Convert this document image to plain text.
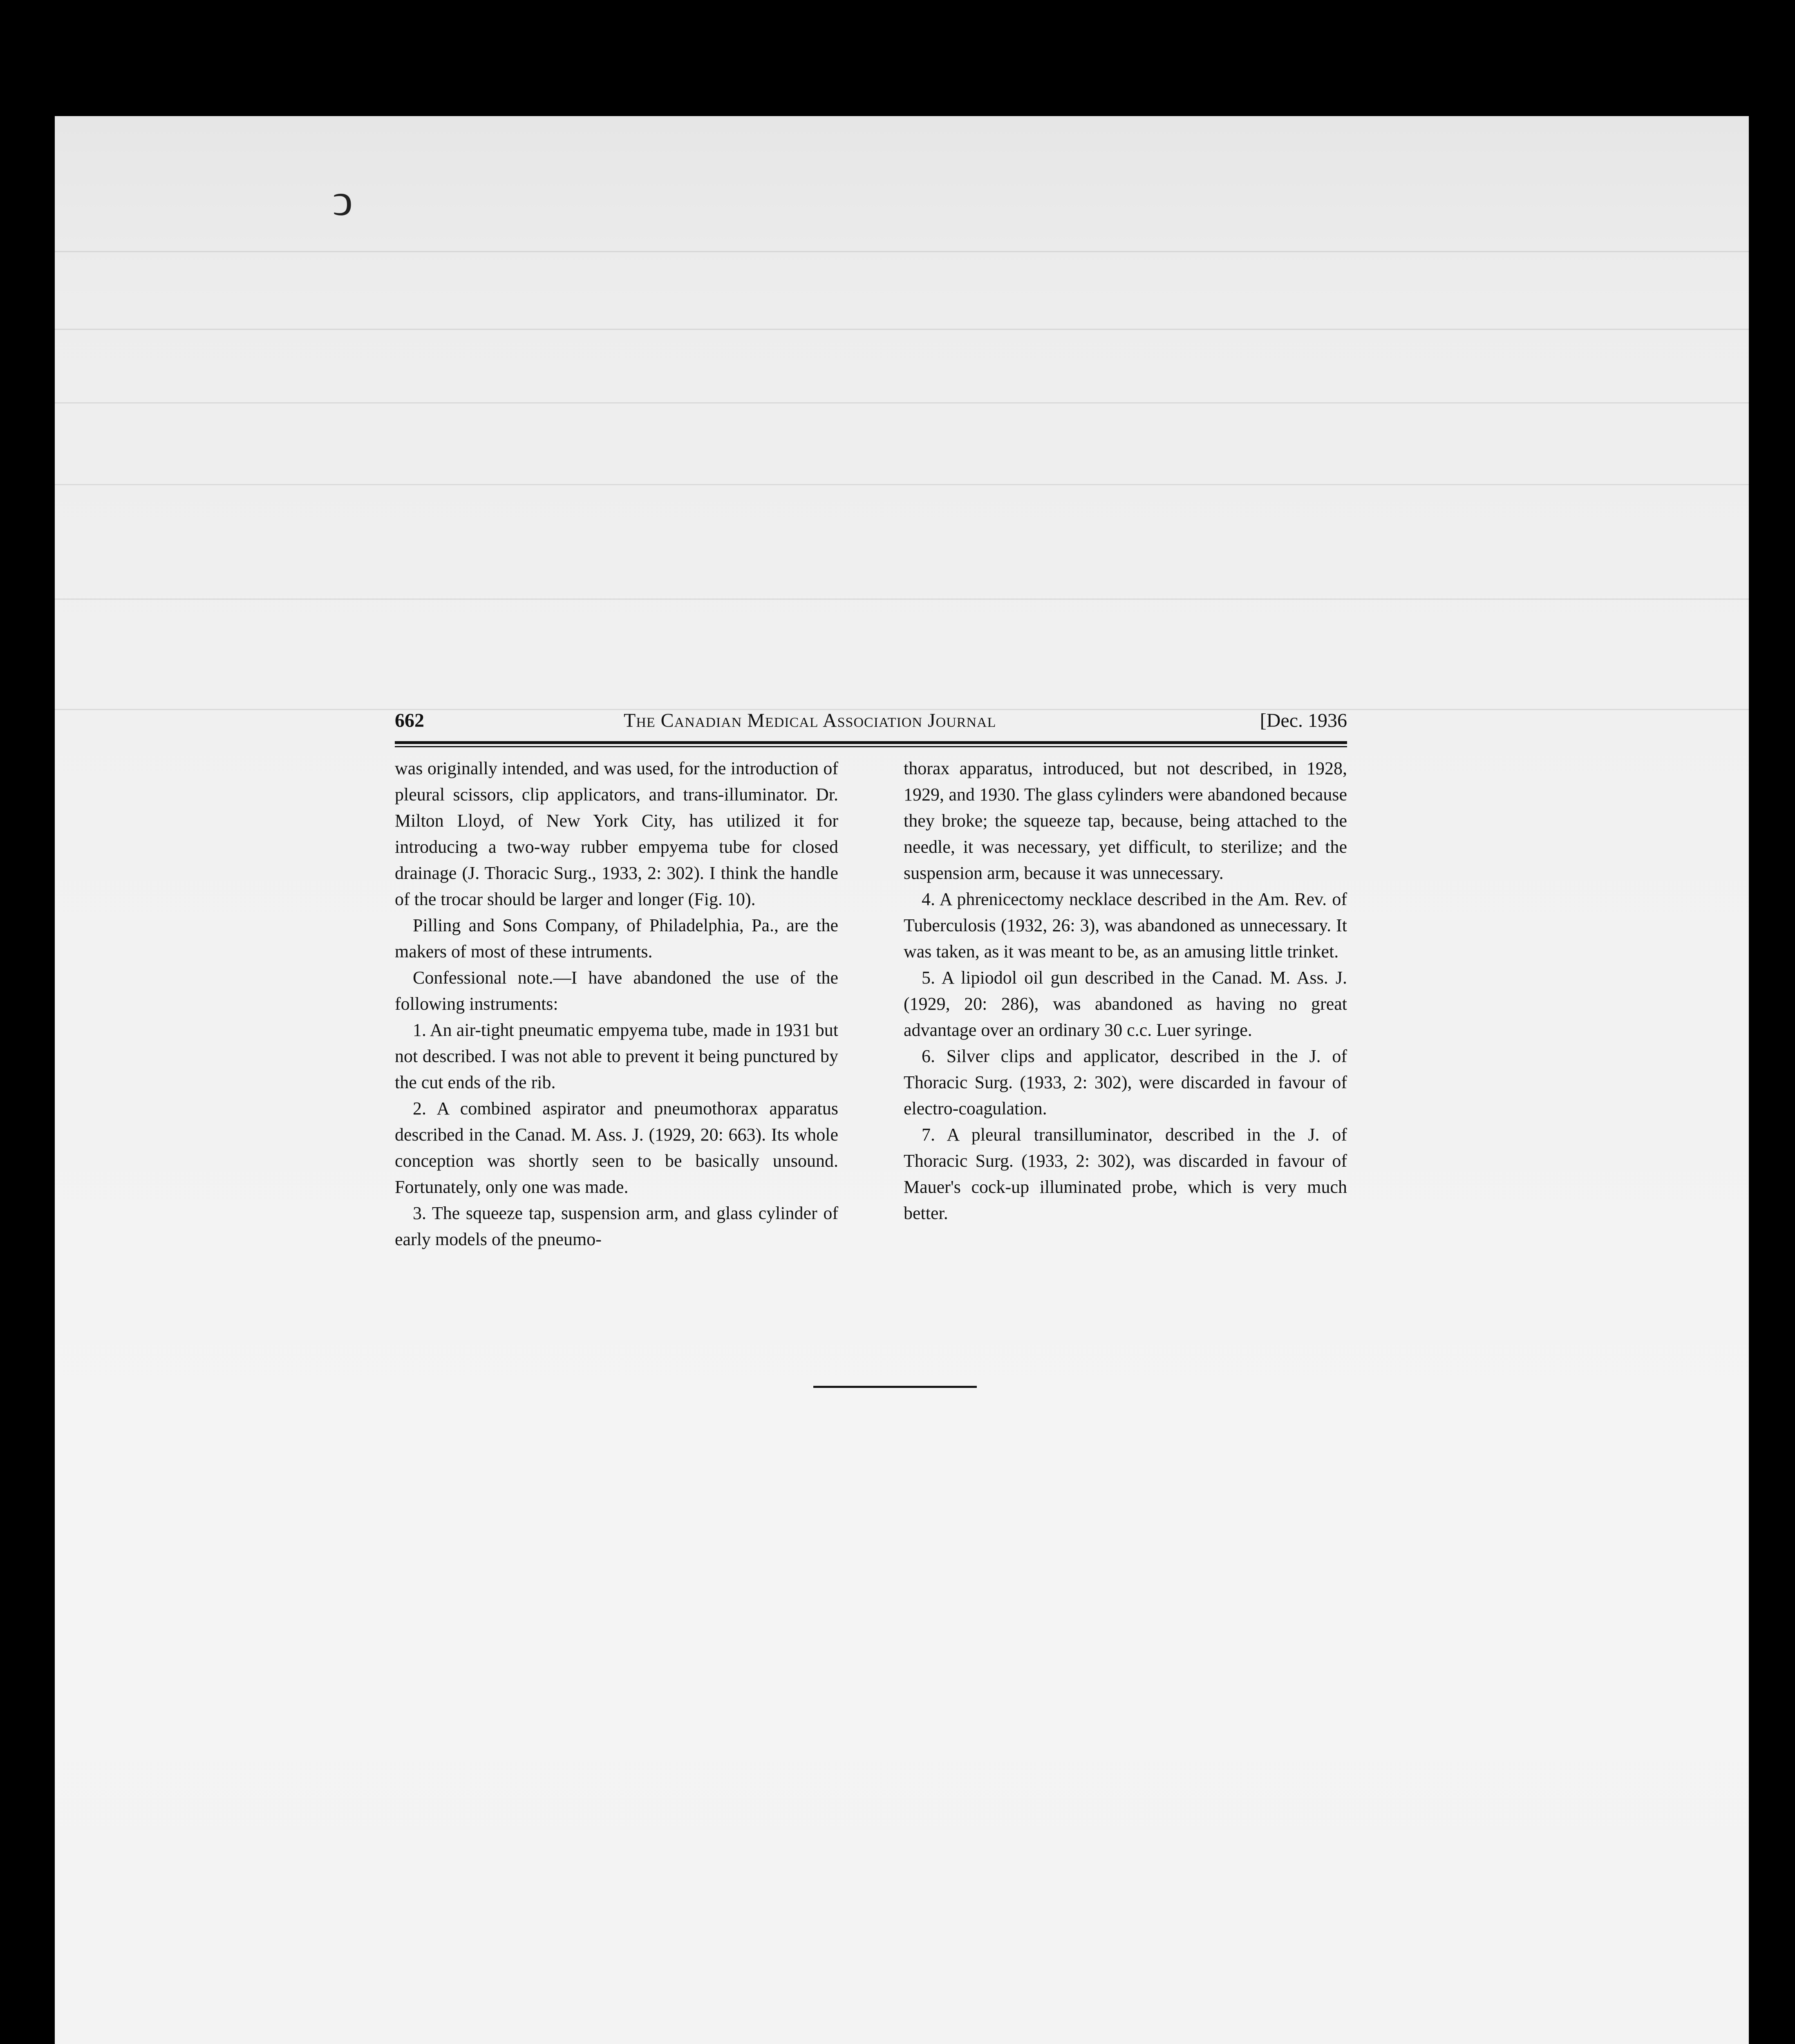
ↄ
662	The Canadian Medical Association Journal	[Dec. 1936

was originally intended, and was used, for the introduction of pleural scissors, clip applicators, and trans-illuminator. Dr. Milton Lloyd, of New York City, has utilized it for introducing a two-way rubber empyema tube for closed drainage (J. Thoracic Surg., 1933, 2: 302). I think the handle of the trocar should be larger and longer (Fig. 10).

Pilling and Sons Company, of Philadelphia, Pa., are the makers of most of these intruments.

Confessional note.—I have abandoned the use of the following instruments:

1. An air-tight pneumatic empyema tube, made in 1931 but not described. I was not able to prevent it being punctured by the cut ends of the rib.

2. A combined aspirator and pneumothorax apparatus described in the Canad. M. Ass. J. (1929, 20: 663). Its whole conception was shortly seen to be basically unsound. Fortunately, only one was made.

3. The squeeze tap, suspension arm, and glass cylinder of early models of the pneumo-

thorax apparatus, introduced, but not described, in 1928, 1929, and 1930. The glass cylinders were abandoned because they broke; the squeeze tap, because, being attached to the needle, it was necessary, yet difficult, to sterilize; and the suspension arm, because it was unnecessary.

4. A phrenicectomy necklace described in the Am. Rev. of Tuberculosis (1932, 26: 3), was abandoned as unnecessary. It was taken, as it was meant to be, as an amusing little trinket.

5. A lipiodol oil gun described in the Canad. M. Ass. J. (1929, 20: 286), was abandoned as having no great advantage over an ordinary 30 c.c. Luer syringe.

6. Silver clips and applicator, described in the J. of Thoracic Surg. (1933, 2: 302), were discarded in favour of electro-coagulation.

7. A pleural transilluminator, described in the J. of Thoracic Surg. (1933, 2: 302), was discarded in favour of Mauer's cock-up illuminated probe, which is very much better.
